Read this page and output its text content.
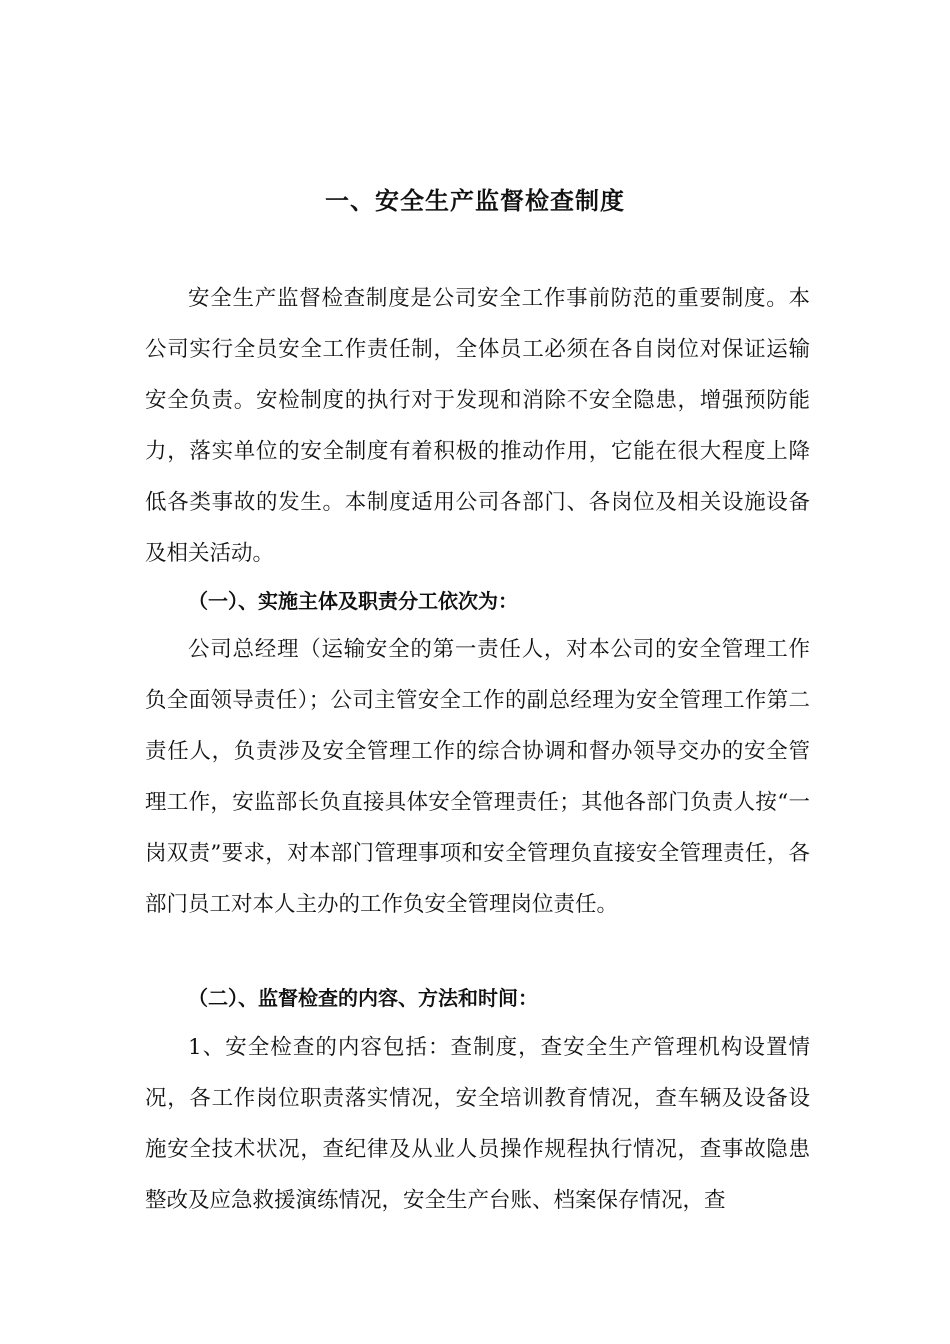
一、安全生产监督检查制度

安全生产监督检查制度是公司安全工作事前防范的重要制度。本公司实行全员安全工作责任制，全体员工必须在各自岗位对保证运输安全负责。安检制度的执行对于发现和消除不安全隐患，增强预防能力，落实单位的安全制度有着积极的推动作用，它能在很大程度上降低各类事故的发生。本制度适用公司各部门、各岗位及相关设施设备及相关活动。

（一）、实施主体及职责分工依次为：

公司总经理（运输安全的第一责任人，对本公司的安全管理工作负全面领导责任）；公司主管安全工作的副总经理为安全管理工作第二责任人，负责涉及安全管理工作的综合协调和督办领导交办的安全管理工作，安监部长负直接具体安全管理责任；其他各部门负责人按“一岗双责”要求，对本部门管理事项和安全管理负直接安全管理责任，各部门员工对本人主办的工作负安全管理岗位责任。

（二）、监督检查的内容、方法和时间：

1、安全检查的内容包括：查制度，查安全生产管理机构设置情况，各工作岗位职责落实情况，安全培训教育情况，查车辆及设备设施安全技术状况，查纪律及从业人员操作规程执行情况，查事故隐患整改及应急救援演练情况，安全生产台账、档案保存情况，查
